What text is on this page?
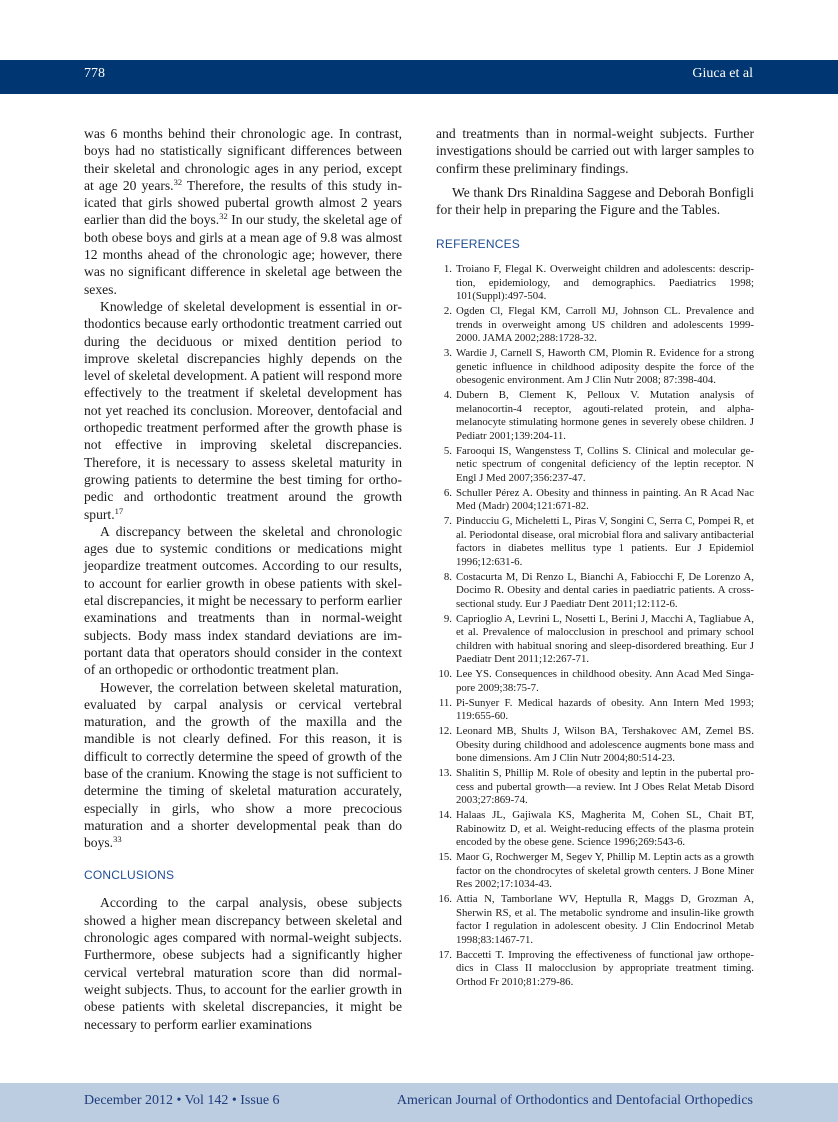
778	Giuca et al

was 6 months behind their chronologic age. In contrast, boys had no statistically significant differences between their skeletal and chronologic ages in any period, except at age 20 years.$^{32}$ Therefore, the results of this study inicated that girls showed pubertal growth almost 2 years earlier than did the boys.$^{32}$ In our study, the skeletal age of both obese boys and girls at a mean age of 9.8 was almost 12 months ahead of the chronologic age; however, there was no significant difference in skeletal age between the sexes.

Knowledge of skeletal development is essential in orthodontics because early orthodontic treatment carried out during the deciduous or mixed dentition period to improve skeletal discrepancies highly depends on the level of skeletal development. A patient will respond more effectively to the treatment if skeletal development has not yet reached its conclusion. Moreover, dentofacial and orthopedic treatment performed after the growth phase is not effective in improving skeletal discrepancies. Therefore, it is necessary to assess skeletal maturity in growing patients to determine the best timing for orthopedic and orthodontic treatment around the growth spurt.$^{17}$

A discrepancy between the skeletal and chronologic ages due to systemic conditions or medications might jeopardize treatment outcomes. According to our results, to account for earlier growth in obese patients with skeletal discrepancies, it might be necessary to perform earlier examinations and treatments than in normal-weight subjects. Body mass index standard deviations are important data that operators should consider in the context of an orthopedic or orthodontic treatment plan.

However, the correlation between skeletal maturation, evaluated by carpal analysis or cervical vertebral maturation, and the growth of the maxilla and the mandible is not clearly defined. For this reason, it is difficult to correctly determine the speed of growth of the base of the cranium. Knowing the stage is not sufficient to determine the timing of skeletal maturation accurately, especially in girls, who show a more precocious maturation and a shorter developmental peak than do boys.$^{33}$

CONCLUSIONS

According to the carpal analysis, obese subjects showed a higher mean discrepancy between skeletal and chronologic ages compared with normal-weight subjects. Furthermore, obese subjects had a significantly higher cervical vertebral maturation score than did normal-weight subjects. Thus, to account for the earlier growth in obese patients with skeletal discrepancies, it might be necessary to perform earlier examinations

and treatments than in normal-weight subjects. Further investigations should be carried out with larger samples to confirm these preliminary findings.

We thank Drs Rinaldina Saggese and Deborah Bonfigli for their help in preparing the Figure and the Tables.

REFERENCES
1. Troiano F, Flegal K. Overweight children and adolescents: description, epidemiology, and demographics. Paediatrics 1998; 101(Suppl):497-504.
2. Ogden Cl, Flegal KM, Carroll MJ, Johnson CL. Prevalence and trends in overweight among US children and adolescents 1999-2000. JAMA 2002;288:1728-32.
3. Wardie J, Carnell S, Haworth CM, Plomin R. Evidence for a strong genetic influence in childhood adiposity despite the force of the obesogenic environment. Am J Clin Nutr 2008; 87:398-404.
4. Dubern B, Clement K, Pelloux V. Mutation analysis of melanocortin-4 receptor, agouti-related protein, and alpha-melanocyte stimulating hormone genes in severely obese children. J Pediatr 2001;139:204-11.
5. Farooqui IS, Wangenstess T, Collins S. Clinical and molecular genetic spectrum of congenital deficiency of the leptin receptor. N Engl J Med 2007;356:237-47.
6. Schuller Pérez A. Obesity and thinness in painting. An R Acad Nac Med (Madr) 2004;121:671-82.
7. Pinducciu G, Micheletti L, Piras V, Songini C, Serra C, Pompei R, et al. Periodontal disease, oral microbial flora and salivary antibacterial factors in diabetes mellitus type 1 patients. Eur J Epidemiol 1996;12:631-6.
8. Costacurta M, Di Renzo L, Bianchi A, Fabiocchi F, De Lorenzo A, Docimo R. Obesity and dental caries in paediatric patients. A cross-sectional study. Eur J Paediatr Dent 2011;12:112-6.
9. Caprioglio A, Levrini L, Nosetti L, Berini J, Macchi A, Tagliabue A, et al. Prevalence of malocclusion in preschool and primary school children with habitual snoring and sleep-disordered breathing. Eur J Paediatr Dent 2011;12:267-71.
10. Lee YS. Consequences in childhood obesity. Ann Acad Med Singapore 2009;38:75-7.
11. Pi-Sunyer F. Medical hazards of obesity. Ann Intern Med 1993; 119:655-60.
12. Leonard MB, Shults J, Wilson BA, Tershakovec AM, Zemel BS. Obesity during childhood and adolescence augments bone mass and bone dimensions. Am J Clin Nutr 2004;80:514-23.
13. Shalitin S, Phillip M. Role of obesity and leptin in the pubertal process and pubertal growth—a review. Int J Obes Relat Metab Disord 2003;27:869-74.
14. Halaas JL, Gajiwala KS, Magherita M, Cohen SL, Chait BT, Rabinowitz D, et al. Weight-reducing effects of the plasma protein encoded by the obese gene. Science 1996;269:543-6.
15. Maor G, Rochwerger M, Segev Y, Phillip M. Leptin acts as a growth factor on the chondrocytes of skeletal growth centers. J Bone Miner Res 2002;17:1034-43.
16. Attia N, Tamborlane WV, Heptulla R, Maggs D, Grozman A, Sherwin RS, et al. The metabolic syndrome and insulin-like growth factor I regulation in adolescent obesity. J Clin Endocrinol Metab 1998;83:1467-71.
17. Baccetti T. Improving the effectiveness of functional jaw orthopedics in Class II malocclusion by appropriate treatment timing. Orthod Fr 2010;81:279-86.
December 2012 • Vol 142 • Issue 6	American Journal of Orthodontics and Dentofacial Orthopedics
